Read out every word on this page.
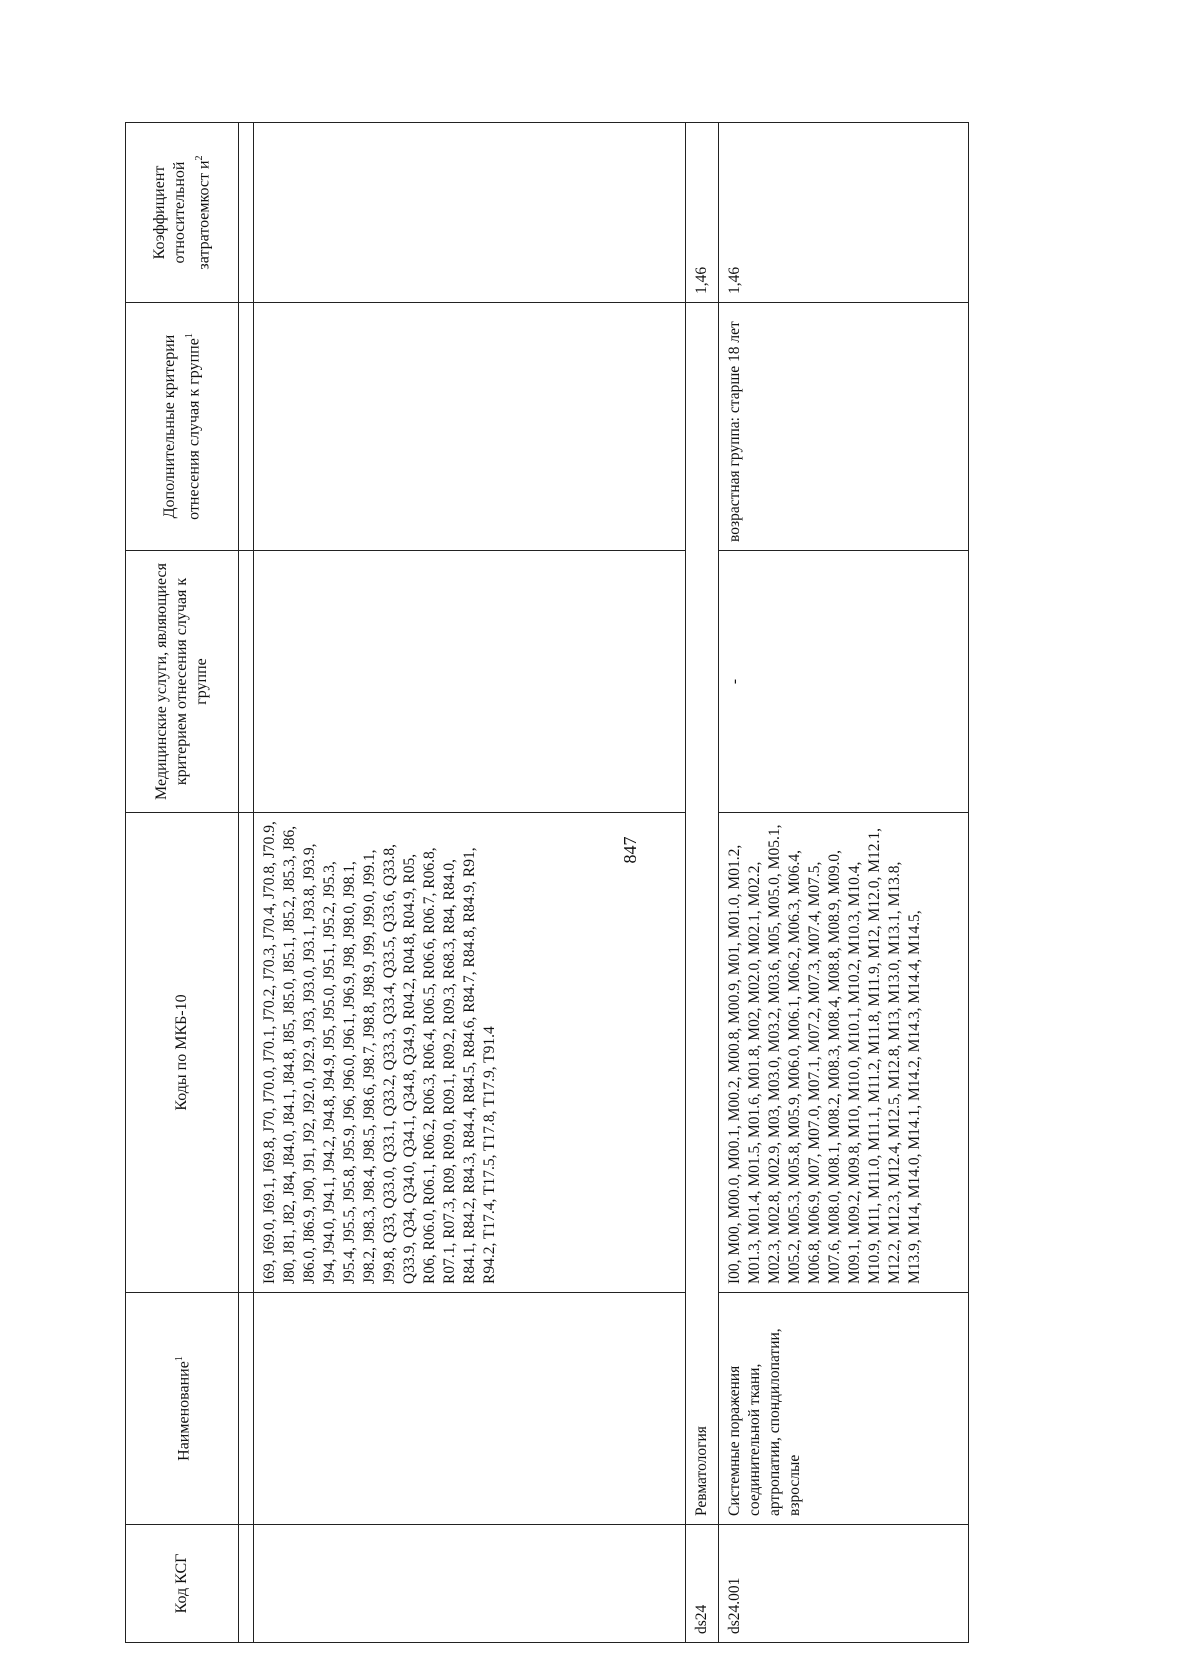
847
Код КСГ	Наименование$^1$	Коды по МКБ-10	Медицинские услуги, являющиеся критерием отнесения случая к группе	Дополнительные критерии отнесения случая к группе$^1$	Коэффициент относительной затратоемкост $и^2$

		I69, J69.0, J69.1, J69.8, J70, J70.0, J70.1, J70.2, J70.3, J70.4, J70.8, J70.9, J80, J81, J82, J84, J84.0, J84.1, J84.8, J85, J85.0, J85.1, J85.2, J85.3, J86, J86.0, J86.9, J90, J91, J92, J92.0, J92.9, J93, J93.0, J93.1, J93.8, J93.9, J94, J94.0, J94.1, J94.2, J94.8, J94.9, J95, J95.0, J95.1, J95.2, J95.3, J95.4, J95.5, J95.8, J95.9, J96, J96.0, J96.1, J96.9, J98, J98.0, J98.1, J98.2, J98.3, J98.4, J98.5, J98.6, J98.7, J98.8, J98.9, J99, J99.0, J99.1, J99.8, Q33, Q33.0, Q33.1, Q33.2, Q33.3, Q33.4, Q33.5, Q33.6, Q33.8, Q33.9, Q34, Q34.0, Q34.1, Q34.8, Q34.9, R04.2, R04.8, R04.9, R05, R06, R06.0, R06.1, R06.2, R06.3, R06.4, R06.5, R06.6, R06.7, R06.8, R07.1, R07.3, R09, R09.0, R09.1, R09.2, R09.3, R68.3, R84, R84.0, R84.1, R84.2, R84.3, R84.4, R84.5, R84.6, R84.7, R84.8, R84.9, R91, R94.2, T17.4, T17.5, T17.8, T17.9, T91.4			
ds24	Ревматология				1,46
ds24.001	Системные поражения соединительной ткани, артропатии, спондилопатии, взрослые	I00, M00, M00.0, M00.1, M00.2, M00.8, M00.9, M01, M01.0, M01.2, M01.3, M01.4, M01.5, M01.6, M01.8, M02, M02.0, M02.1, M02.2, M02.3, M02.8, M02.9, M03, M03.0, M03.2, M03.6, M05, M05.0, M05.1, M05.2, M05.3, M05.8, M05.9, M06.0, M06.1, M06.2, M06.3, M06.4, M06.8, M06.9, M07, M07.0, M07.1, M07.2, M07.3, M07.4, M07.5, M07.6, M08.0, M08.1, M08.2, M08.3, M08.4, M08.8, M08.9, M09.0, M09.1, M09.2, M09.8, M10, M10.0, M10.1, M10.2, M10.3, M10.4, M10.9, M11, M11.0, M11.1, M11.2, M11.8, M11.9, M12, M12.0, M12.1, M12.2, M12.3, M12.4, M12.5, M12.8, M13, M13.0, M13.1, M13.8, M13.9, M14, M14.0, M14.1, M14.2, M14.3, M14.4, M14.5,	-	возрастная группа: старше 18 лет	1,46
